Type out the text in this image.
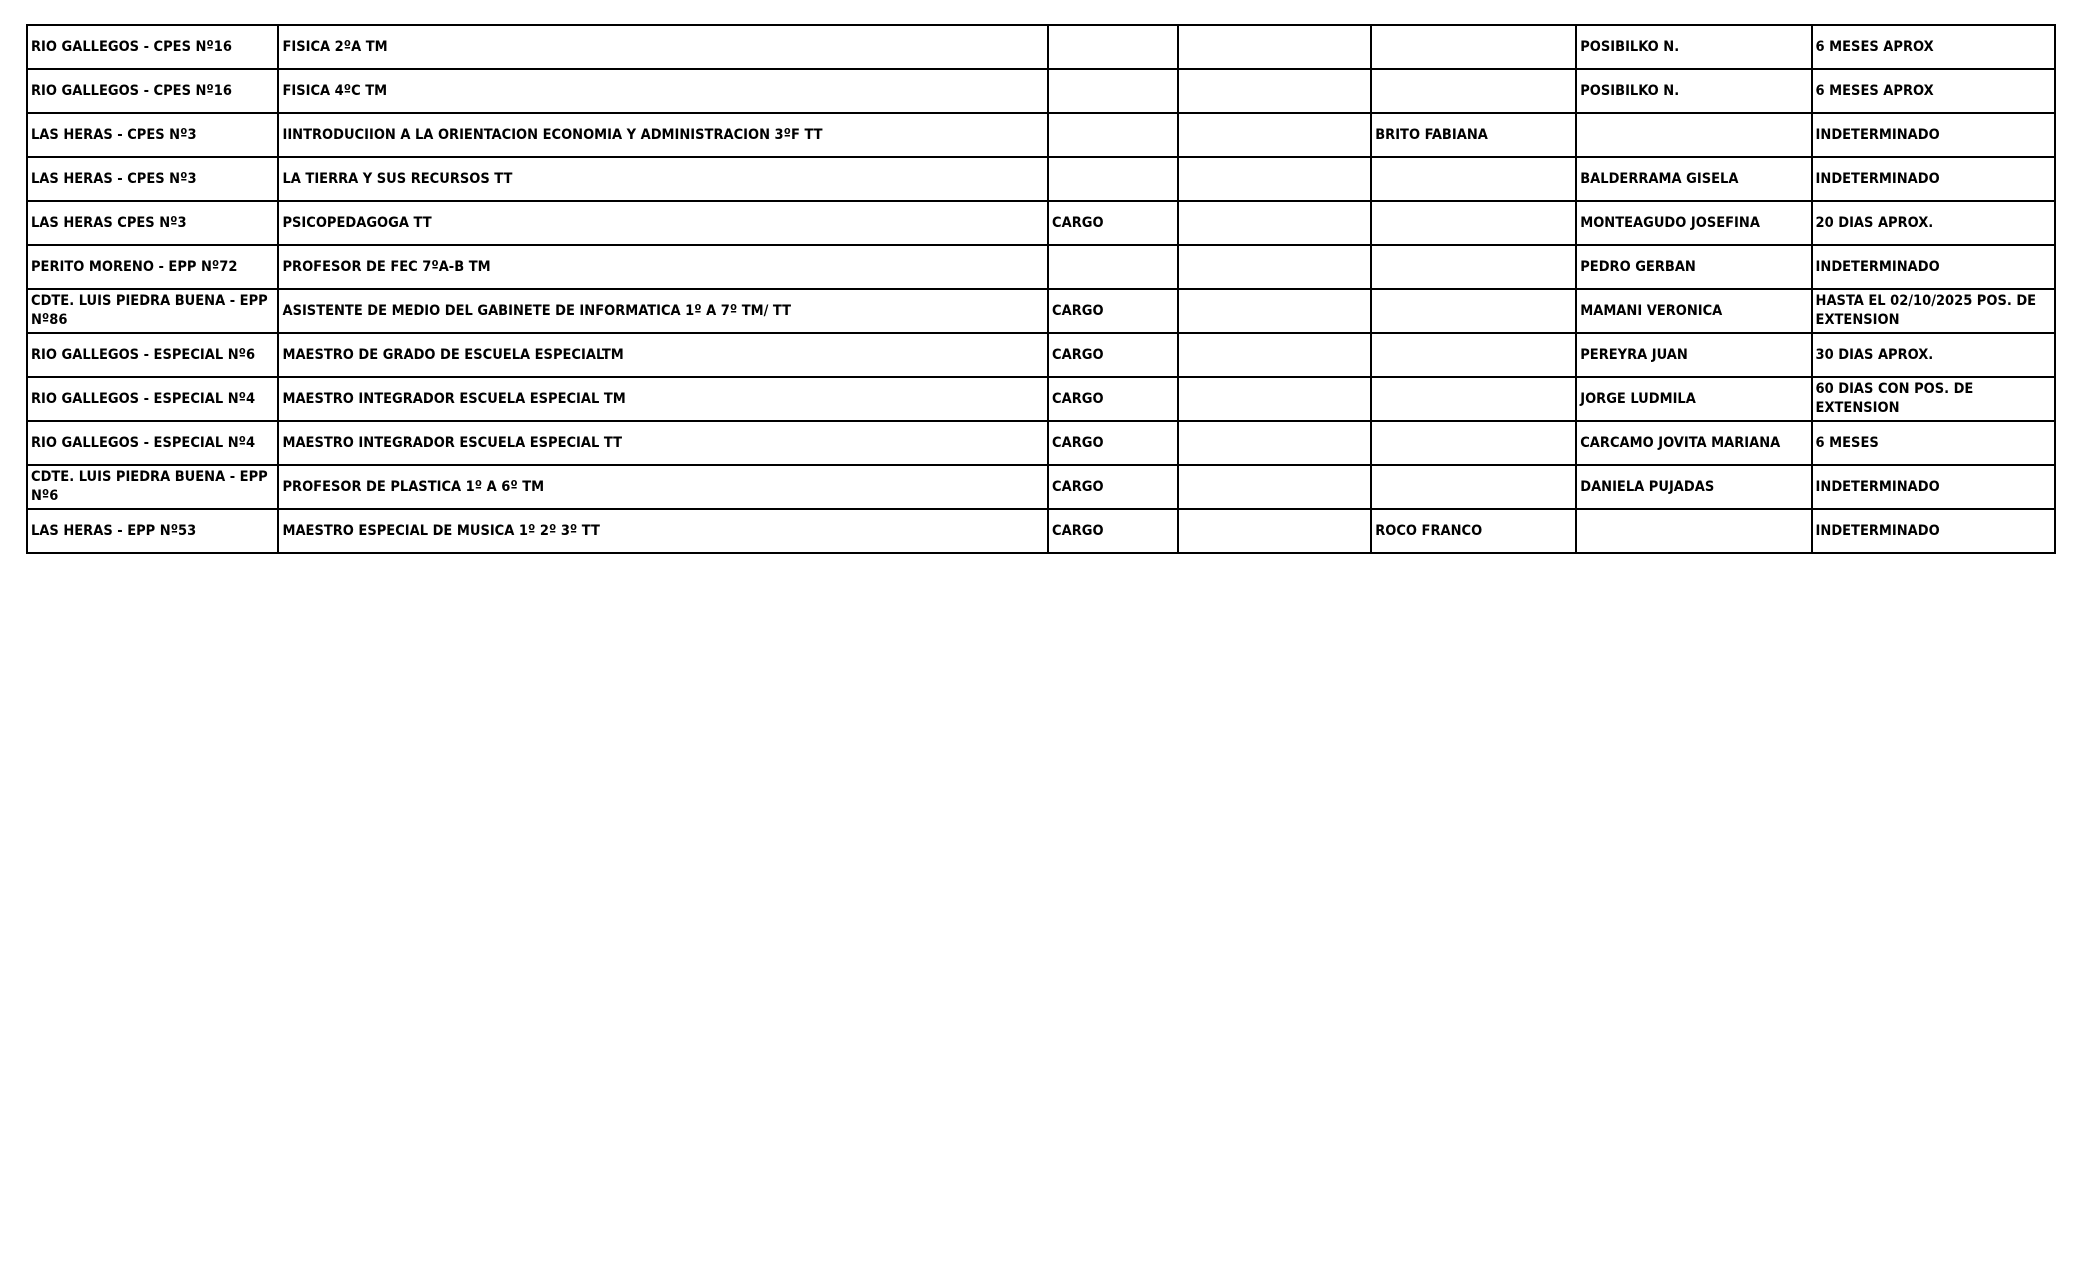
RIO GALLEGOS - CPES Nº16	FISICA 2ºA TM				POSIBILKO N.	6 MESES APROX
RIO GALLEGOS - CPES Nº16	FISICA 4ºC TM				POSIBILKO N.	6 MESES APROX
LAS HERAS - CPES Nº3	IINTRODUCIION A LA ORIENTACION ECONOMIA Y ADMINISTRACION 3ºF TT			BRITO FABIANA		INDETERMINADO
LAS HERAS - CPES Nº3	LA TIERRA Y SUS RECURSOS TT				BALDERRAMA GISELA	INDETERMINADO
LAS HERAS CPES Nº3	PSICOPEDAGOGA TT	CARGO			MONTEAGUDO JOSEFINA	20 DIAS APROX.
PERITO MORENO - EPP Nº72	PROFESOR DE FEC 7ºA-B TM				PEDRO GERBAN	INDETERMINADO
CDTE. LUIS PIEDRA BUENA - EPP Nº86	ASISTENTE DE MEDIO DEL GABINETE DE INFORMATICA 1º A 7º TM/ TT	CARGO			MAMANI VERONICA	HASTA EL 02/10/2025 POS. DE EXTENSION
RIO GALLEGOS - ESPECIAL Nº6	MAESTRO DE GRADO DE ESCUELA ESPECIALTM	CARGO			PEREYRA JUAN	30 DIAS APROX.
RIO GALLEGOS - ESPECIAL Nº4	MAESTRO INTEGRADOR ESCUELA ESPECIAL TM	CARGO			JORGE LUDMILA	60 DIAS CON POS. DE EXTENSION
RIO GALLEGOS - ESPECIAL Nº4	MAESTRO INTEGRADOR ESCUELA ESPECIAL TT	CARGO			CARCAMO JOVITA MARIANA	6 MESES
CDTE. LUIS PIEDRA BUENA - EPP Nº6	PROFESOR DE PLASTICA 1º A 6º TM	CARGO			DANIELA PUJADAS	INDETERMINADO
LAS HERAS - EPP Nº53	MAESTRO ESPECIAL DE MUSICA 1º 2º 3º TT	CARGO		ROCO FRANCO		INDETERMINADO
